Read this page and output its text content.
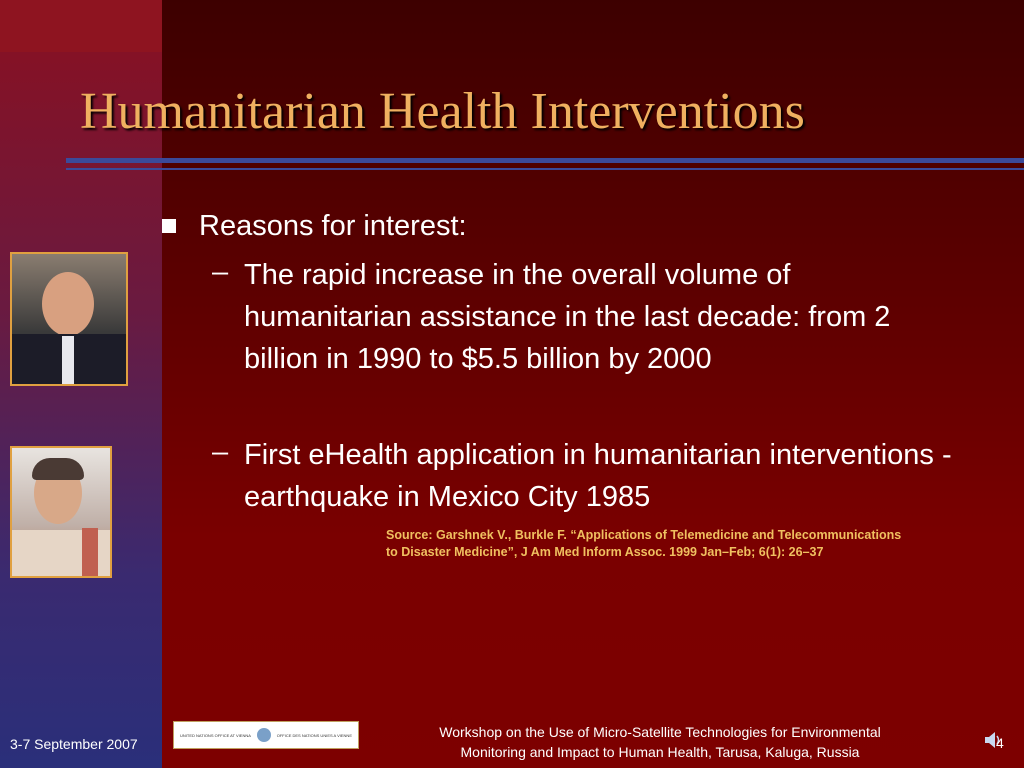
Humanitarian Health Interventions
Reasons for interest:
– The rapid increase in the overall volume of humanitarian assistance in the last decade: from 2 billion in 1990 to $5.5 billion by 2000
– First eHealth application in humanitarian interventions - earthquake in Mexico City 1985
Source: Garshnek V., Burkle F. “Applications of Telemedicine and Telecommunications
to Disaster Medicine”, J Am Med Inform Assoc. 1999 Jan–Feb; 6(1): 26–37
3-7 September 2007
UNITED NATIONS OFFICE AT VIENNA	OFFICE DES NATIONS UNIES A VIENNE	Workshop on the Use of Micro-Satellite Technologies for Environmental
Monitoring and Impact to Human Health, Tarusa, Kaluga, Russia
4
